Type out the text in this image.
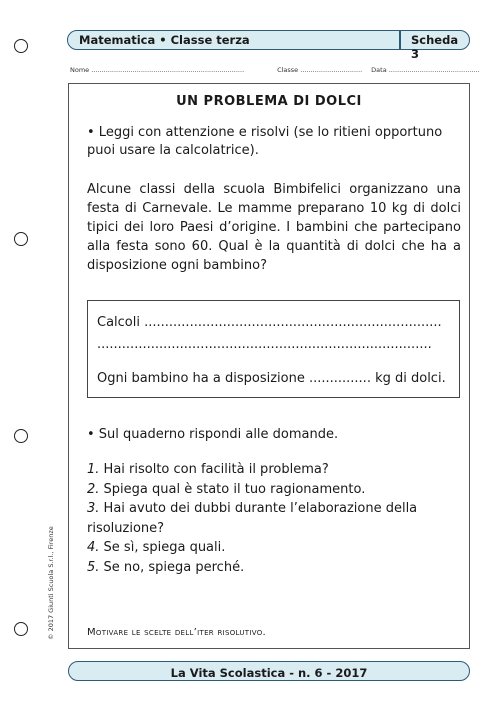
Matematica • Classe terza	Scheda 3
Nome ..........................................................................	Classe .............................. Data ............................................
UN PROBLEMA DI DOLCI
• Leggi con attenzione e risolvi (se lo ritieni opportuno puoi usare la calcolatrice).
Alcune classi della scuola Bimbifelici organizzano una festa di Carnevale. Le mamme preparano 10 kg di dolci tipici dei loro Paesi d’origine. I bambini che partecipano alla festa sono 60. Qual è la quantità di dolci che ha a disposizione ogni bambino?
Calcoli ........................................................................
.................................................................................
Ogni bambino ha a disposizione ............... kg di dolci.
• Sul quaderno rispondi alle domande.
1. Hai risolto con facilità il problema?
2. Spiega qual è stato il tuo ragionamento.
3. Hai avuto dei dubbi durante l’elaborazione della risoluzione?
4. Se sì, spiega quali.
5. Se no, spiega perché.
Motivare le scelte dell’iter risolutivo.
© 2017 Giunti Scuola S.r.l., Firenze
La Vita Scolastica - n. 6 - 2017
